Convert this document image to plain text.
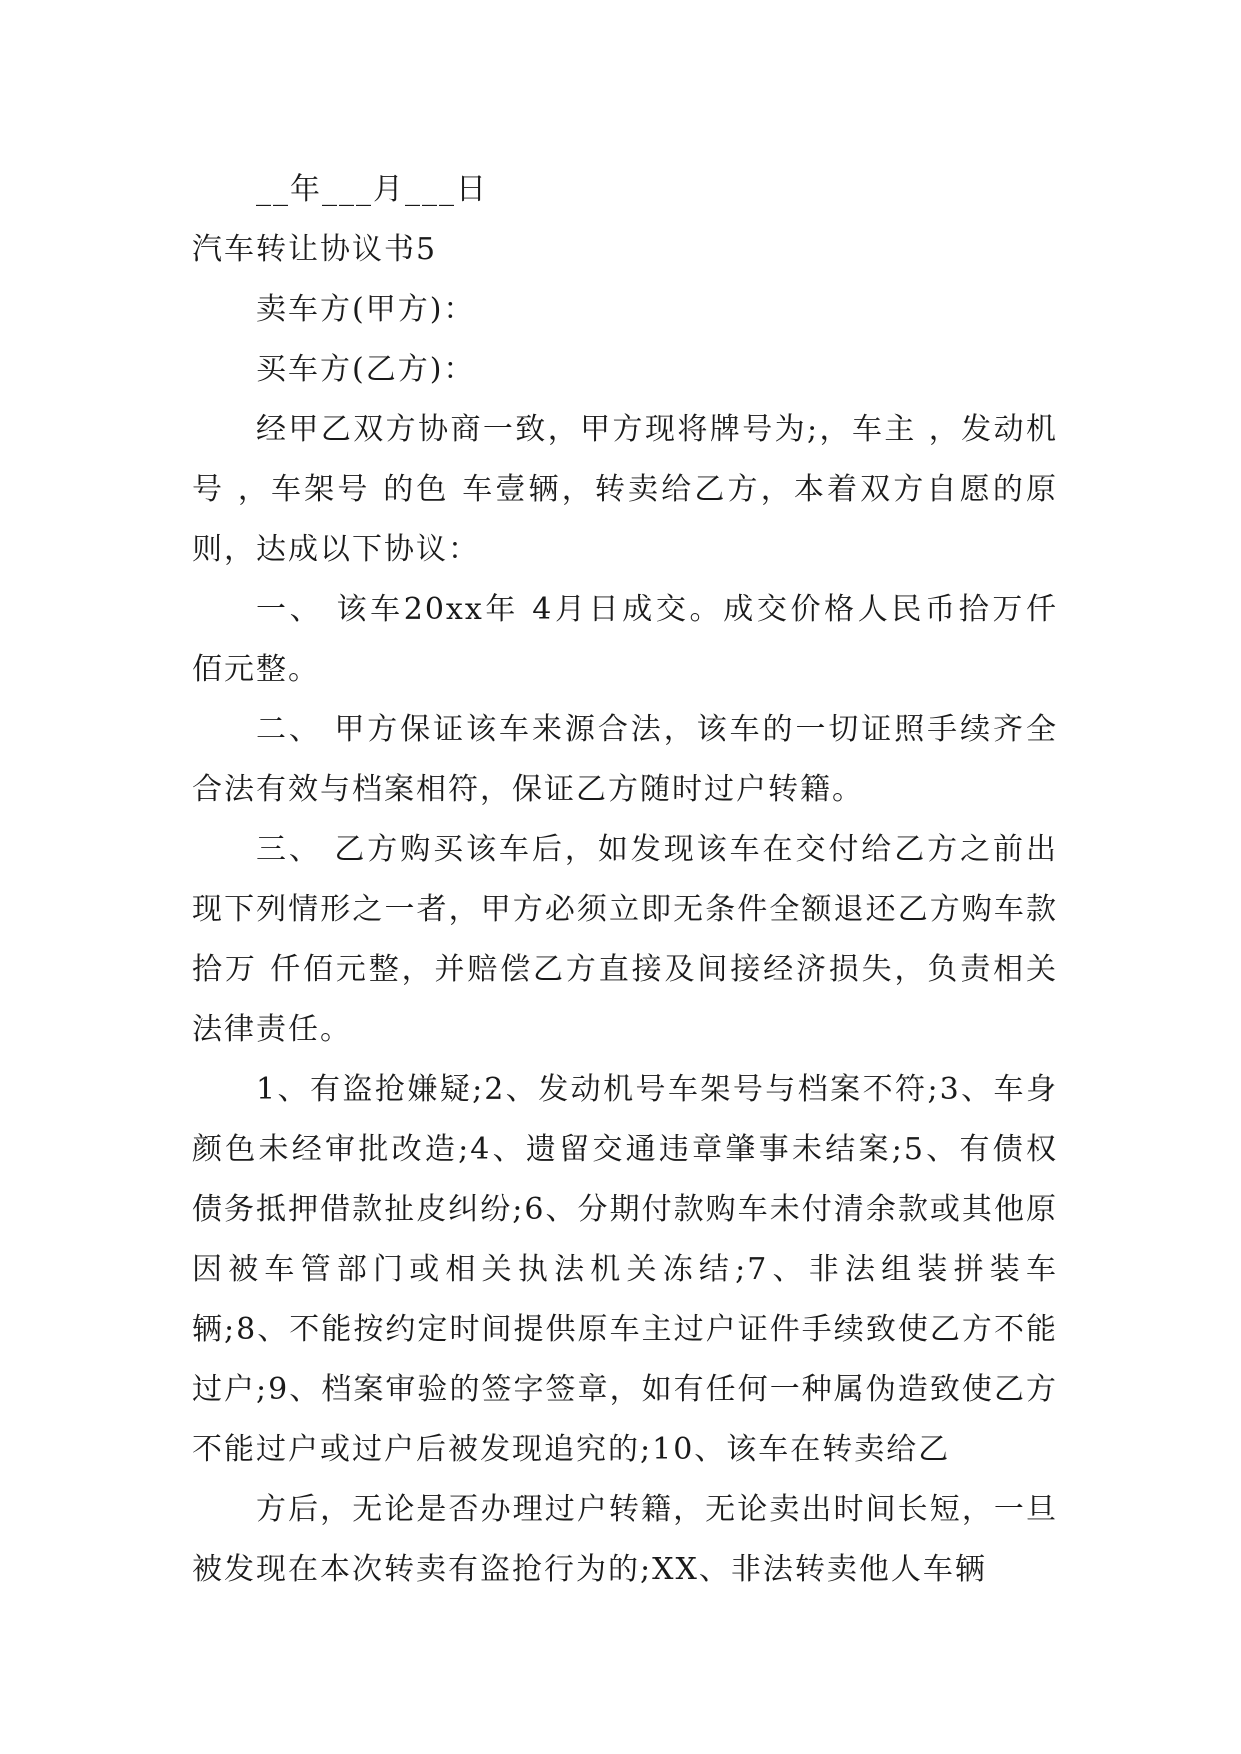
__年___月___日
汽车转让协议书5
卖车方(甲方)：
买车方(乙方)：

经甲乙双方协商一致，甲方现将牌号为;，车主 ，发动机号 ，车架号 的色 车壹辆，转卖给乙方，本着双方自愿的原则，达成以下协议：

一、 该车20xx年 4月日成交。成交价格人民币拾万仟 佰元整。

二、 甲方保证该车来源合法，该车的一切证照手续齐全合法有效与档案相符，保证乙方随时过户转籍。

三、 乙方购买该车后，如发现该车在交付给乙方之前出现下列情形之一者，甲方必须立即无条件全额退还乙方购车款拾万 仟佰元整，并赔偿乙方直接及间接经济损失，负责相关法律责任。

1、有盗抢嫌疑;2、发动机号车架号与档案不符;3、车身颜色未经审批改造;4、遗留交通违章肇事未结案;5、有债权债务抵押借款扯皮纠纷;6、分期付款购车未付清余款或其他原因被车管部门或相关执法机关冻结;7、非法组装拼装车辆;8、不能按约定时间提供原车主过户证件手续致使乙方不能过户;9、档案审验的签字签章，如有任何一种属伪造致使乙方不能过户或过户后被发现追究的;10、该车在转卖给乙

方后，无论是否办理过户转籍，无论卖出时间长短，一旦被发现在本次转卖有盗抢行为的;XX、非法转卖他人车辆
